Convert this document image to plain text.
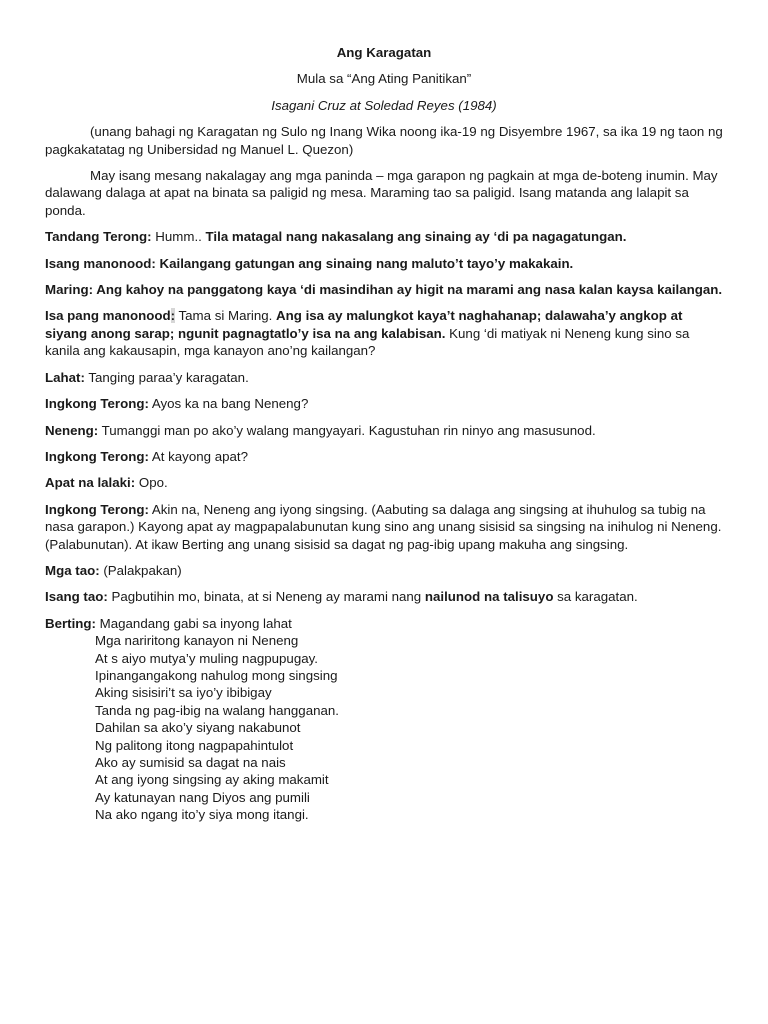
Ang Karagatan

Mula sa “Ang Ating Panitikan”

Isagani Cruz at Soledad Reyes (1984)

(unang bahagi ng Karagatan ng Sulo ng Inang Wika noong ika-19 ng Disyembre 1967, sa ika 19 ng taon ng pagkakatatag ng Unibersidad ng Manuel L. Quezon)

May isang mesang nakalagay ang mga paninda – mga garapon ng pagkain at mga de-boteng inumin. May dalawang dalaga at apat na binata sa paligid ng mesa. Maraming tao sa paligid. Isang matanda ang lalapit sa ponda.

Tandang Terong: Humm.. Tila matagal nang nakasalang ang sinaing ay ‘di pa nagagatungan.

Isang manonood: Kailangang gatungan ang sinaing nang maluto’t tayo’y makakain.

Maring: Ang kahoy na panggatong kaya ‘di masindihan ay higit na marami ang nasa kalan kaysa kailangan.

Isa pang manonood: Tama si Maring. Ang isa ay malungkot kaya’t naghahanap; dalawaha’y angkop at siyang anong sarap; ngunit pagnagtatlo’y isa na ang kalabisan. Kung ‘di matiyak ni Neneng kung sino sa kanila ang kakausapin, mga kanayon ano’ng kailangan?

Lahat: Tanging paraa’y karagatan.

Ingkong Terong: Ayos ka na bang Neneng?

Neneng: Tumanggi man po ako’y walang mangyayari. Kagustuhan rin ninyo ang masusunod.

Ingkong Terong: At kayong apat?

Apat na lalaki: Opo.

Ingkong Terong: Akin na, Neneng ang iyong singsing. (Aabuting sa dalaga ang singsing at ihuhulog sa tubig na nasa garapon.) Kayong apat ay magpapalabunutan kung sino ang unang sisisid sa singsing na inihulog ni Neneng. (Palabunutan). At ikaw Berting ang unang sisisid sa dagat ng pag-ibig upang makuha ang singsing.

Mga tao: (Palakpakan)

Isang tao: Pagbutihin mo, binata, at si Neneng ay marami nang nailunod na talisuyo sa karagatan.

Berting: Magandang gabi sa inyong lahat
Mga nariritong kanayon ni Neneng
At s aiyo mutya’y muling nagpupugay.
Ipinangangakong nahulog mong singsing
Aking sisisiri’t sa iyo’y ibibigay
Tanda ng pag-ibig na walang hangganan.
Dahilan sa ako’y siyang nakabunot
Ng palitong itong nagpapahintulot
Ako ay sumisid sa dagat na nais
At ang iyong singsing ay aking makamit
Ay katunayan nang Diyos ang pumili
Na ako ngang ito’y siya mong itangi.
